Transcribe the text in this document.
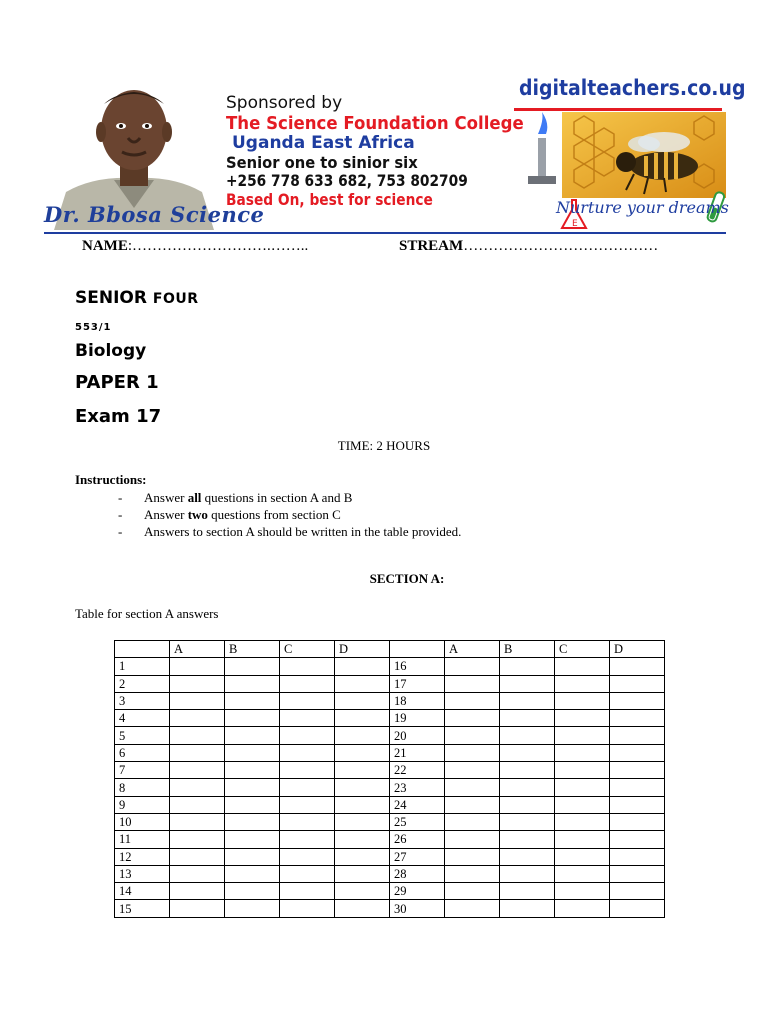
Dr. Bbosa Science
Sponsored by
The Science Foundation College
Uganda East Africa
Senior one to sinior six
+256 778 633 682, 753 802709
Based On, best for science
digitalteachers.co.ug
E
Nurture your dreams
NAME:……………………….……..	STREAM…………………………………
SENIOR FOUR
553/1
Biology
PAPER 1
Exam 17
TIME: 2 HOURS
Instructions:
- Answer all questions in section A and B
- Answer two questions from section C
- Answers to section A should be written in the table provided.
SECTION A:
Table for section A answers
	A	B	C	D		A	B	C	D
1					16				
2					17				
3					18				
4					19				
5					20				
6					21				
7					22				
8					23				
9					24				
10					25				
11					26				
12					27				
13					28				
14					29				
15					30				
